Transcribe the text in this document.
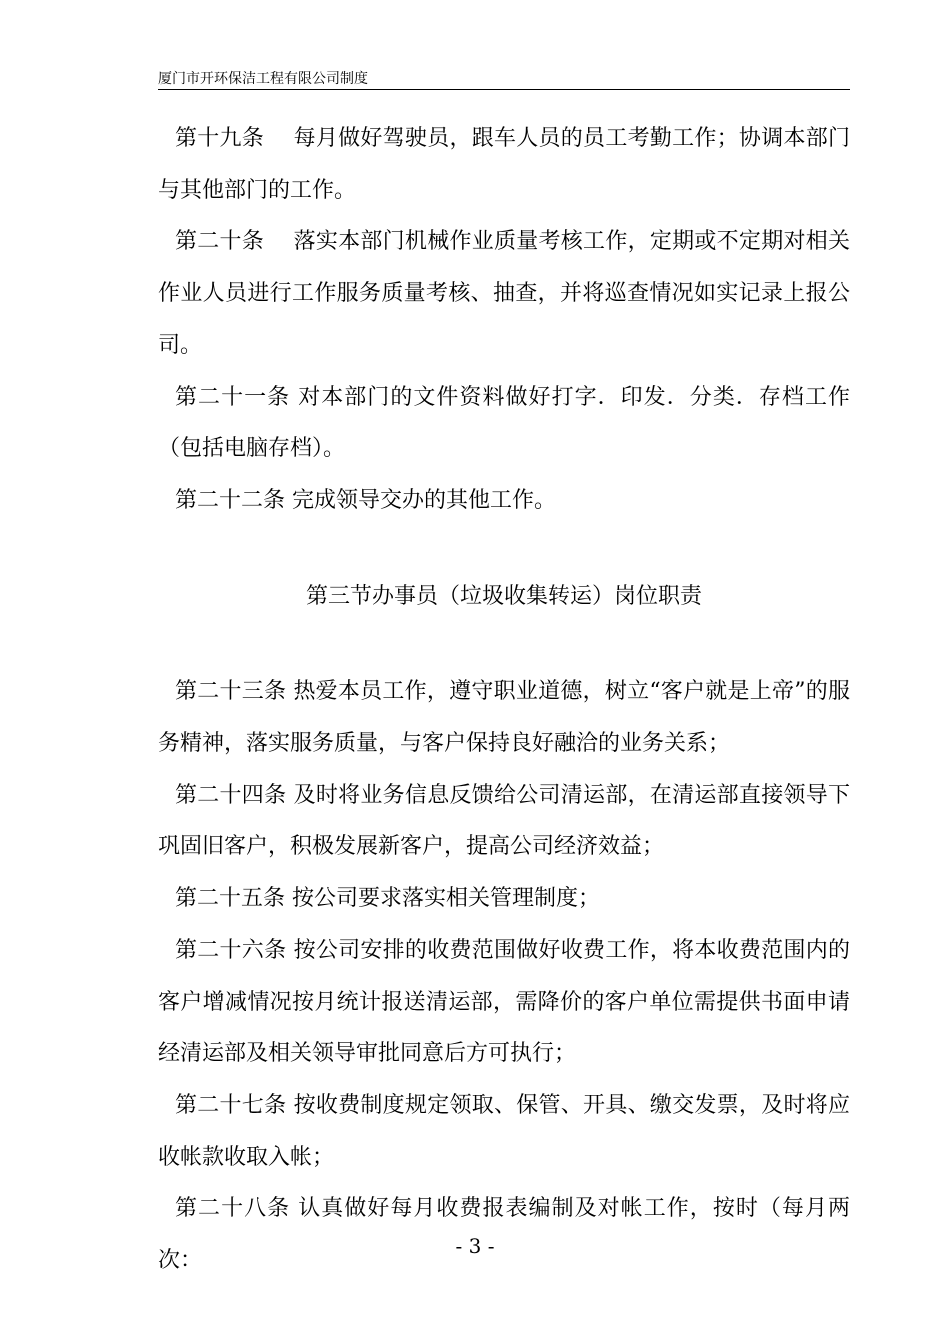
厦门市开环保洁工程有限公司制度

第十九条　 每月做好驾驶员，跟车人员的员工考勤工作；协调本部门与其他部门的工作。

第二十条　 落实本部门机械作业质量考核工作，定期或不定期对相关作业人员进行工作服务质量考核、抽查，并将巡查情况如实记录上报公司。

第二十一条 对本部门的文件资料做好打字．印发．分类．存档工作（包括电脑存档）。

第二十二条 完成领导交办的其他工作。

第三节办事员（垃圾收集转运）岗位职责

第二十三条 热爱本员工作，遵守职业道德，树立“客户就是上帝”的服务精神，落实服务质量，与客户保持良好融洽的业务关系；

第二十四条 及时将业务信息反馈给公司清运部，在清运部直接领导下巩固旧客户，积极发展新客户，提高公司经济效益；

第二十五条 按公司要求落实相关管理制度；

第二十六条 按公司安排的收费范围做好收费工作，将本收费范围内的客户增减情况按月统计报送清运部，需降价的客户单位需提供书面申请经清运部及相关领导审批同意后方可执行；

第二十七条 按收费制度规定领取、保管、开具、缴交发票，及时将应收帐款收取入帐；

第二十八条 认真做好每月收费报表编制及对帐工作，按时（每月两次：

- 3 -
